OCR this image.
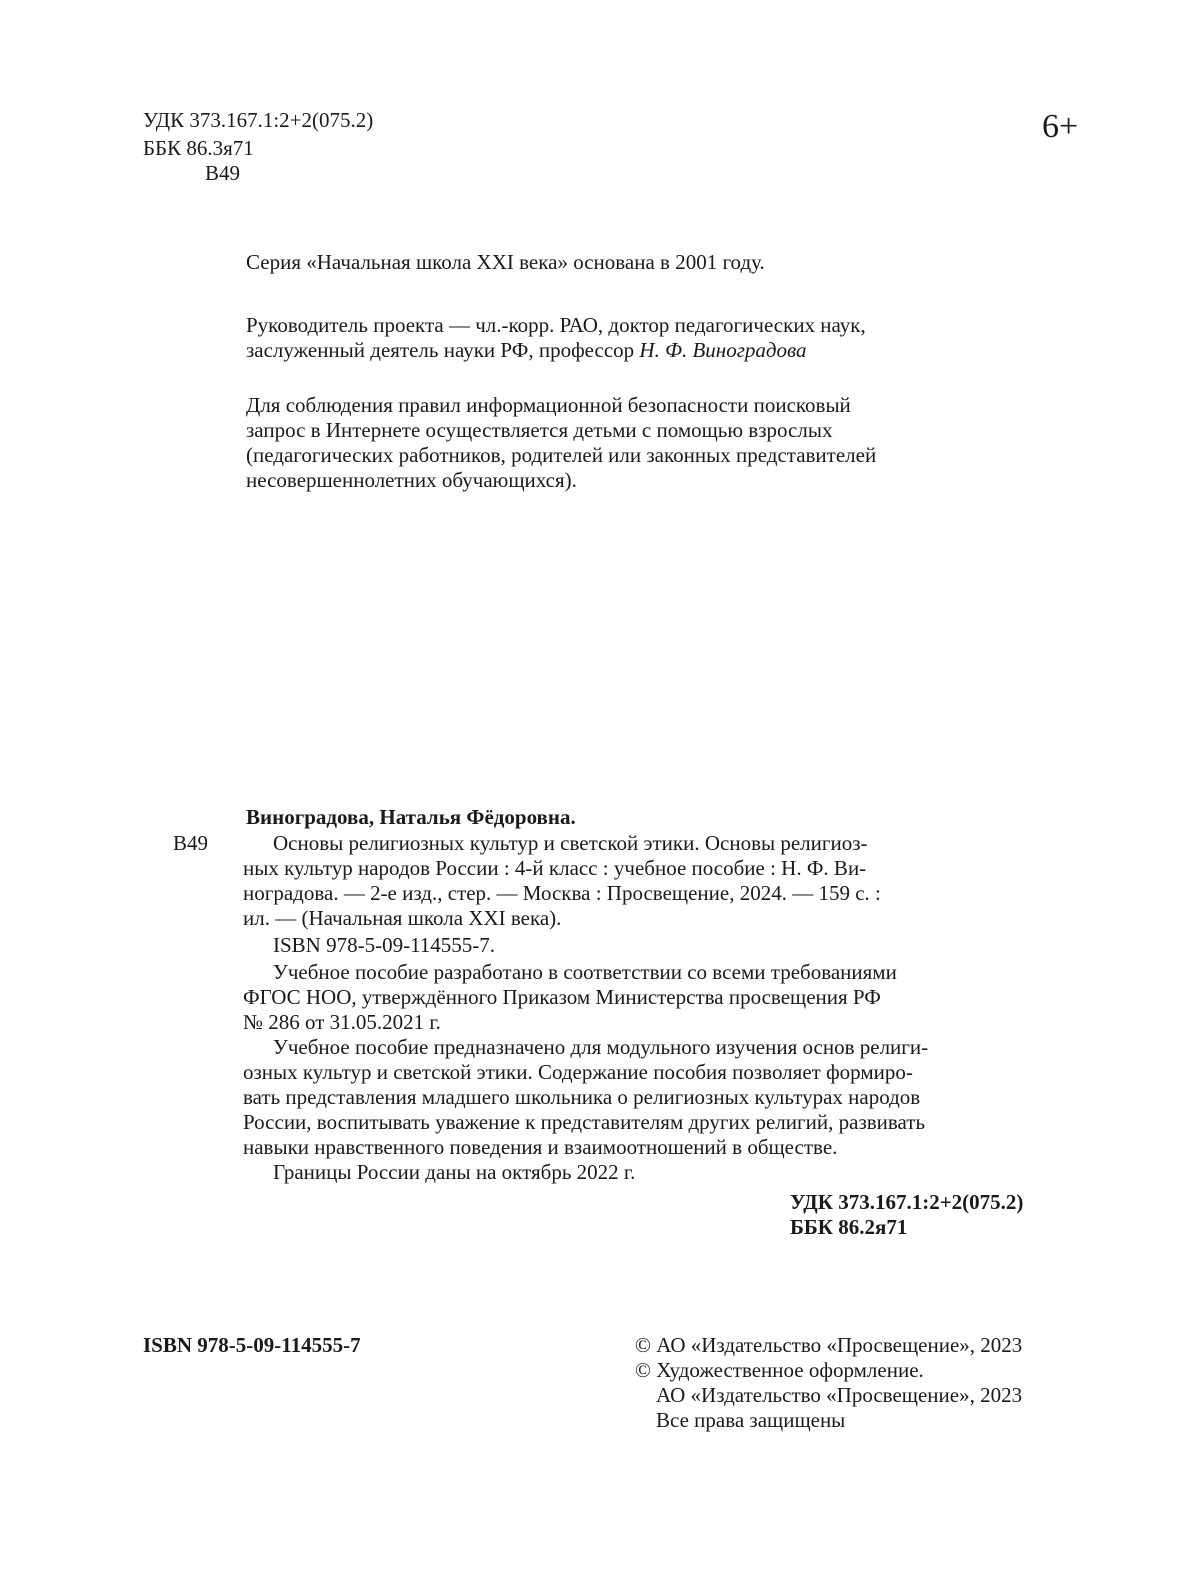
УДК 373.167.1:2+2(075.2)
ББК 86.3я71
В49
6+
Серия «Начальная школа XXI века» основана в 2001 году.
Руководитель проекта — чл.-корр. РАО, доктор педагогических наук,
заслуженный деятель науки РФ, профессор Н. Ф. Виноградова
Для соблюдения правил информационной безопасности поисковый
запрос в Интернете осуществляется детьми с помощью взрослых
(педагогических работников, родителей или законных представителей
несовершеннолетних обучающихся).
Виноградова, Наталья Фёдоровна.
В49	Основы религиозных культур и светской этики. Основы религиоз-
ных культур народов России : 4-й класс : учебное пособие : Н. Ф. Ви-
ноградова. — 2-е изд., стер. — Москва : Просвещение, 2024. — 159 с. :
ил. — (Начальная школа XXI века).
ISBN 978-5-09-114555-7.
Учебное пособие разработано в соответствии со всеми требованиями
ФГОС НОО, утверждённого Приказом Министерства просвещения РФ
№ 286 от 31.05.2021 г.
Учебное пособие предназначено для модульного изучения основ религи-
озных культур и светской этики. Содержание пособия позволяет формиро-
вать представления младшего школьника о религиозных культурах народов
России, воспитывать уважение к представителям других религий, развивать
навыки нравственного поведения и взаимоотношений в обществе.
Границы России даны на октябрь 2022 г.
УДК 373.167.1:2+2(075.2)
ББК 86.2я71
ISBN 978-5-09-114555-7	© АО «Издательство «Просвещение», 2023
© Художественное оформление.
АО «Издательство «Просвещение», 2023
Все права защищены
